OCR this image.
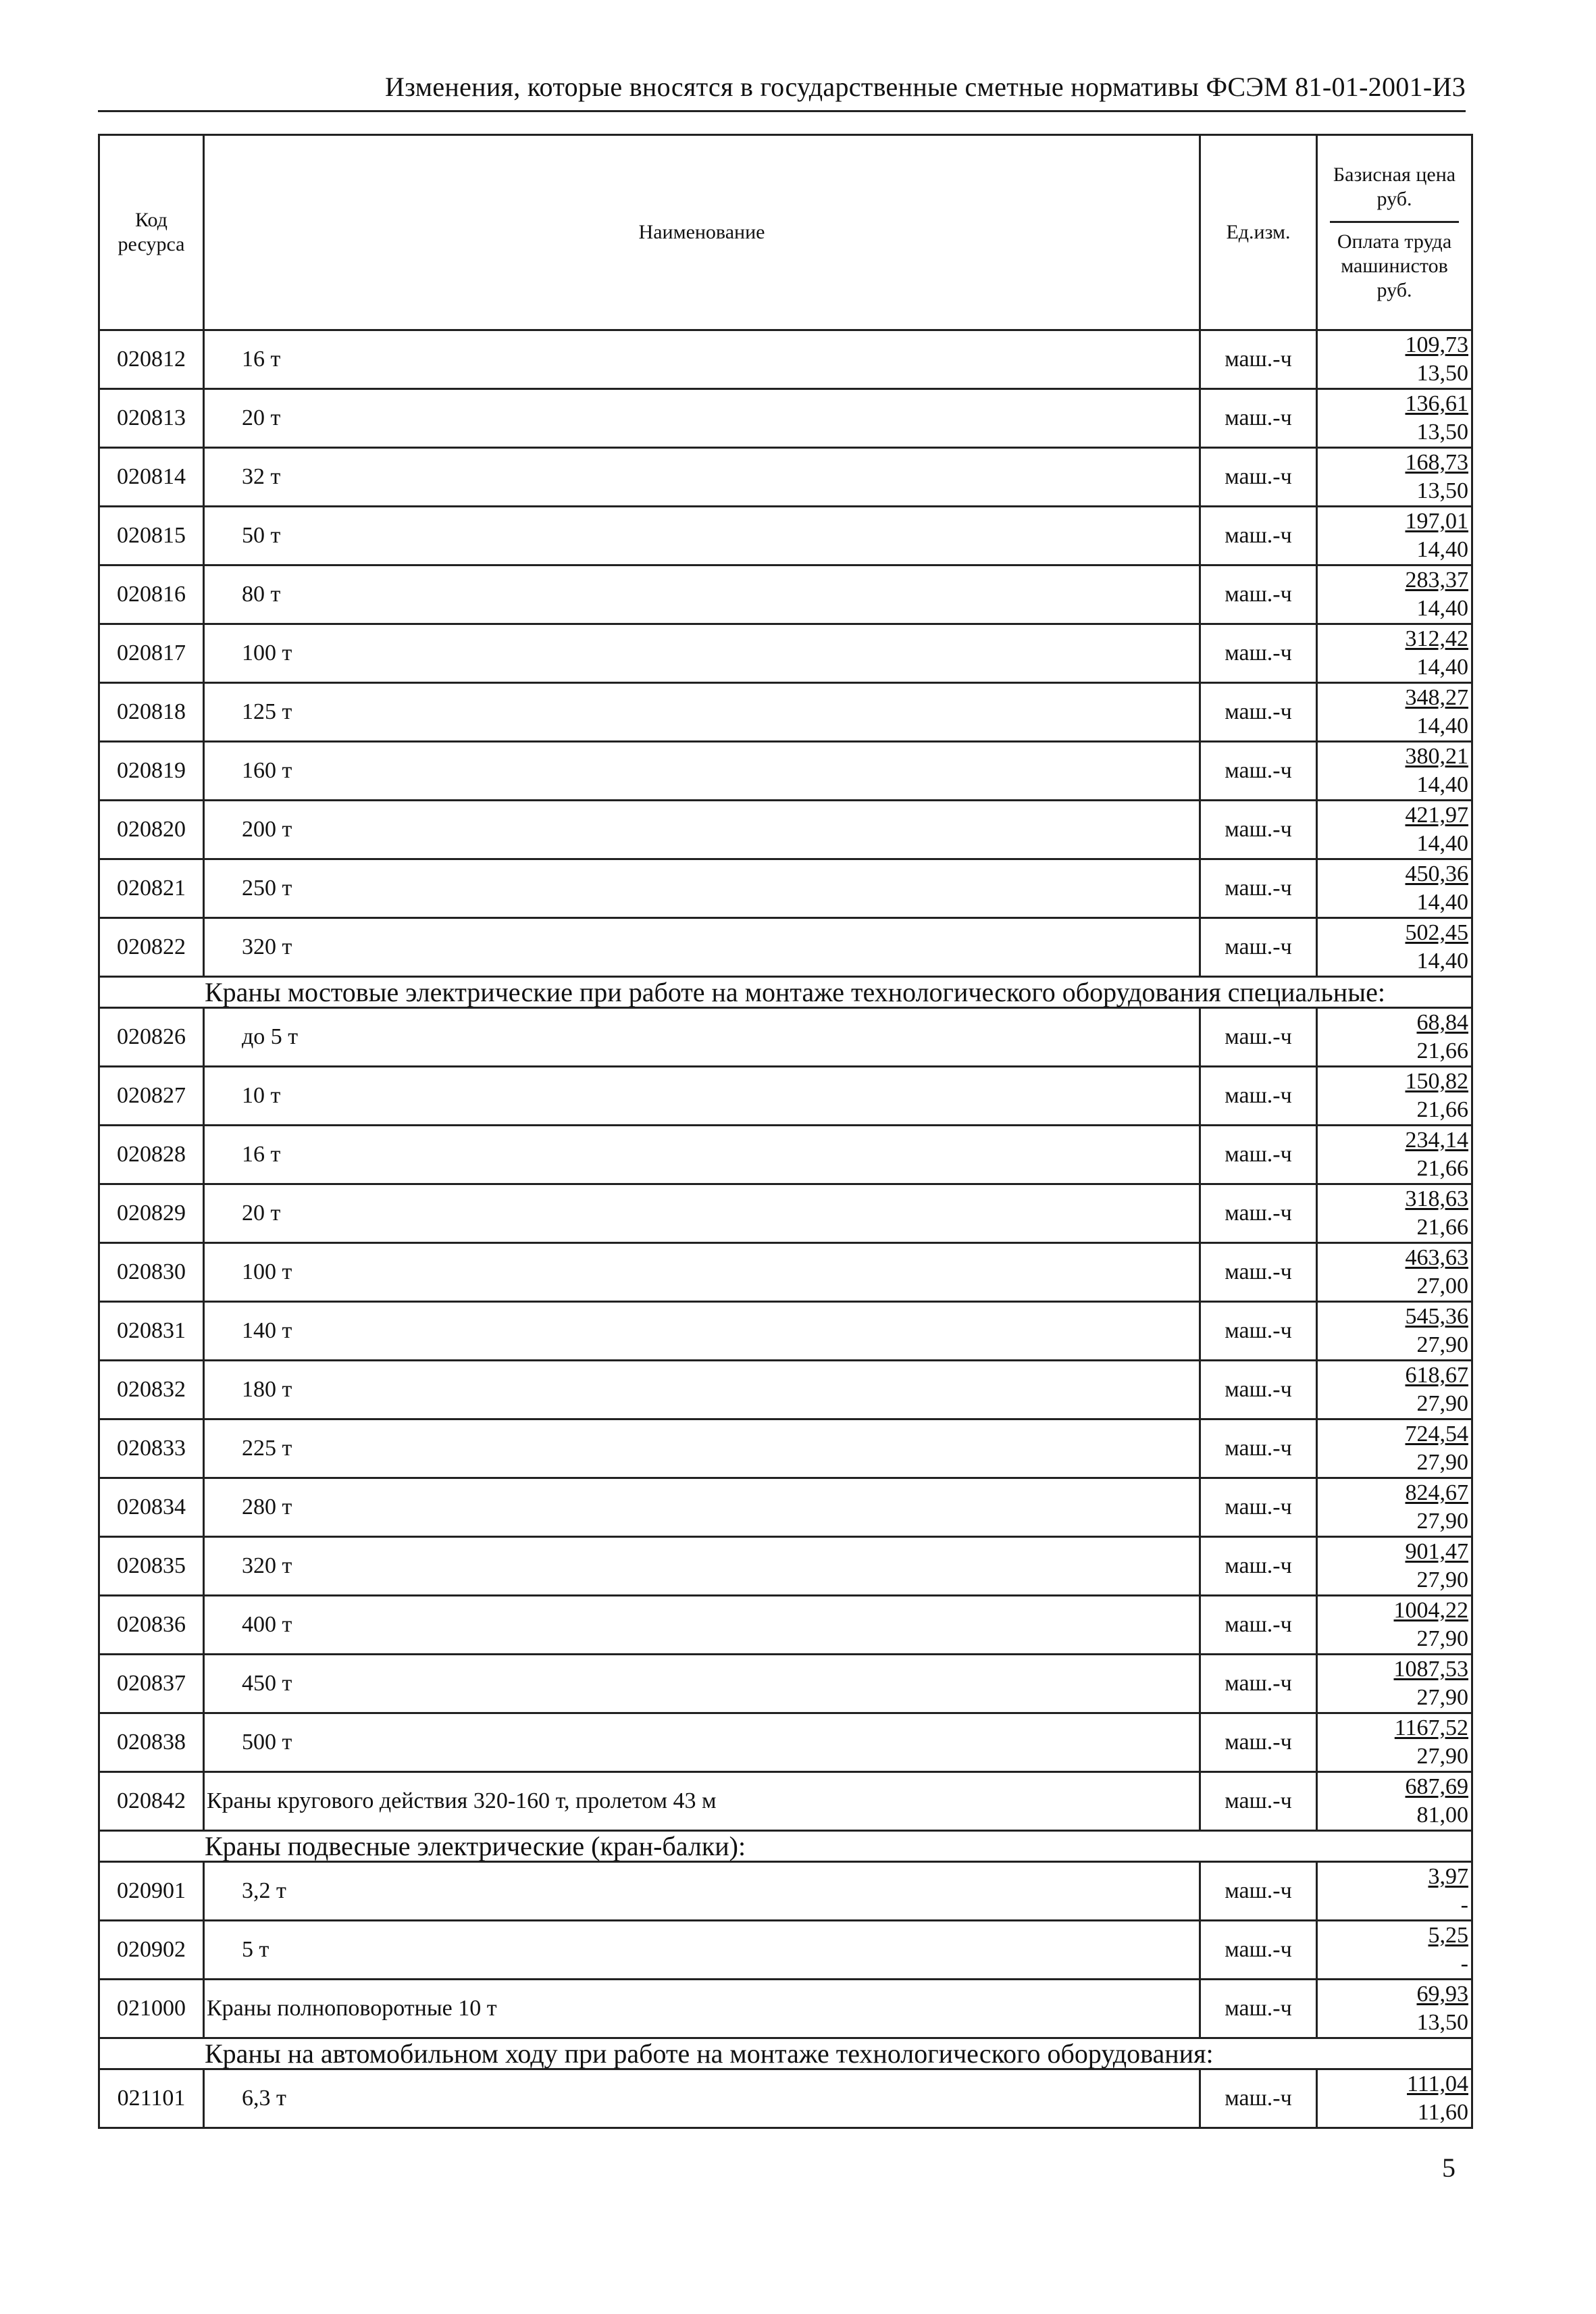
Изменения, которые вносятся в государственные сметные нормативы ФСЭМ 81-01-2001-И3
Код ресурса	Наименование	Ед.изм.	Базисная цена руб.
Оплата труда машинистов руб.

020812	16 т	маш.-ч	109,73
13,50

020813	20 т	маш.-ч	136,61
13,50

020814	32 т	маш.-ч	168,73
13,50

020815	50 т	маш.-ч	197,01
14,40

020816	80 т	маш.-ч	283,37
14,40

020817	100 т	маш.-ч	312,42
14,40

020818	125 т	маш.-ч	348,27
14,40

020819	160 т	маш.-ч	380,21
14,40

020820	200 т	маш.-ч	421,97
14,40

020821	250 т	маш.-ч	450,36
14,40

020822	320 т	маш.-ч	502,45
14,40

Краны мостовые электрические при работе на монтаже технологического оборудования специальные:			
020826	до 5 т	маш.-ч	68,84
21,66

020827	10 т	маш.-ч	150,82
21,66

020828	16 т	маш.-ч	234,14
21,66

020829	20 т	маш.-ч	318,63
21,66

020830	100 т	маш.-ч	463,63
27,00

020831	140 т	маш.-ч	545,36
27,90

020832	180 т	маш.-ч	618,67
27,90

020833	225 т	маш.-ч	724,54
27,90

020834	280 т	маш.-ч	824,67
27,90

020835	320 т	маш.-ч	901,47
27,90

020836	400 т	маш.-ч	1004,22
27,90

020837	450 т	маш.-ч	1087,53
27,90

020838	500 т	маш.-ч	1167,52
27,90

020842	Краны кругового действия 320-160 т, пролетом 43 м	маш.-ч	687,69
81,00

Краны подвесные электрические (кран-балки):			
020901	3,2 т	маш.-ч	3,97
-

020902	5 т	маш.-ч	5,25
-

021000	Краны полноповоротные 10 т	маш.-ч	69,93
13,50

Краны на автомобильном ходу при работе на монтаже технологического оборудования:			
021101	6,3 т	маш.-ч	111,04
11,60
5
